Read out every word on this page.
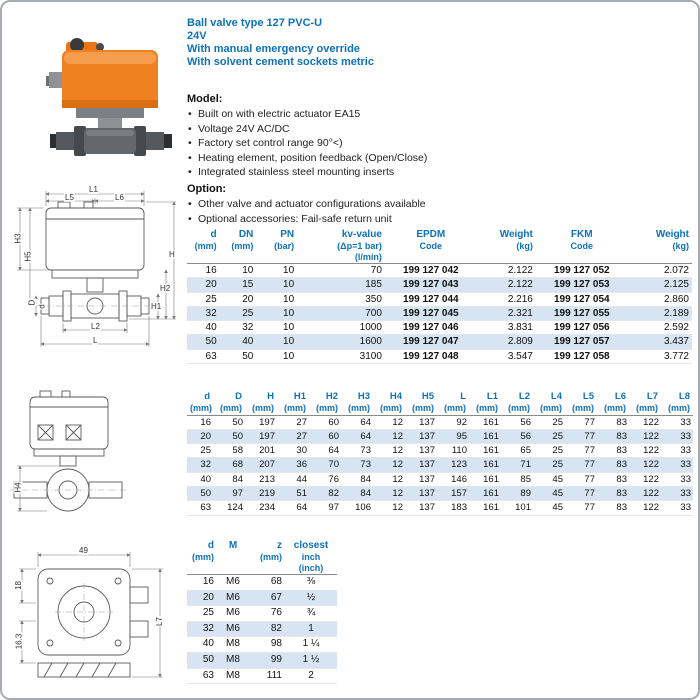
Ball valve type 127 PVC-U
24V
With manual emergency override
With solvent cement sockets metric
Model:
• Built on with electric actuator EA15
• Voltage 24V AC/DC
• Factory set control range 90°<)
• Heating element, position feedback (Open/Close)
• Integrated stainless steel mounting inserts
Option:
• Other valve and actuator configurations available
• Optional accessories: Fail-safe return unit
d
(mm)

DN
(mm)

PN
(bar)

kv-value
(Δp=1 bar)
(l/min)

EPDM
Code

Weight
(kg)

FKM
Code

Weight
(kg)

16	10	10	70	199 127 042	2.122	199 127 052	2.072
20	15	10	185	199 127 043	2.122	199 127 053	2.125
25	20	10	350	199 127 044	2.216	199 127 054	2.860
32	25	10	700	199 127 045	2.321	199 127 055	2.189
40	32	10	1000	199 127 046	3.831	199 127 056	2.592
50	40	10	1600	199 127 047	2.809	199 127 057	3.437
63	50	10	3100	199 127 048	3.547	199 127 058	3.772
d
(mm)

D
(mm)

H
(mm)

H1
(mm)

H2
(mm)

H3
(mm)

H4
(mm)

H5
(mm)

L
(mm)

L1
(mm)

L2
(mm)

L4
(mm)

L5
(mm)

L6
(mm)

L7
(mm)

L8
(mm)

16	50	197	27	60	64	12	137	92	161	56	25	77	83	122	33
20	50	197	27	60	64	12	137	95	161	56	25	77	83	122	33
25	58	201	30	64	73	12	137	110	161	65	25	77	83	122	33
32	68	207	36	70	73	12	137	123	161	71	25	77	83	122	33
40	84	213	44	76	84	12	137	146	161	85	45	77	83	122	33
50	97	219	51	82	84	12	137	157	161	89	45	77	83	122	33
63	124	234	64	97	106	12	137	183	161	101	45	77	83	122	33
d
(mm)

M	z
(mm)

closest
inch
(inch)

16	M6	68	⅜
20	M6	67	½
25	M6	76	¾
32	M6	82	1
40	M8	98	1 ¼
50	M8	99	1 ½
63	M8	111	2
L1
L5	L6
H3
H5	H
H2
H1
D
d
L2
L
H4
49
18
16.3
L7
